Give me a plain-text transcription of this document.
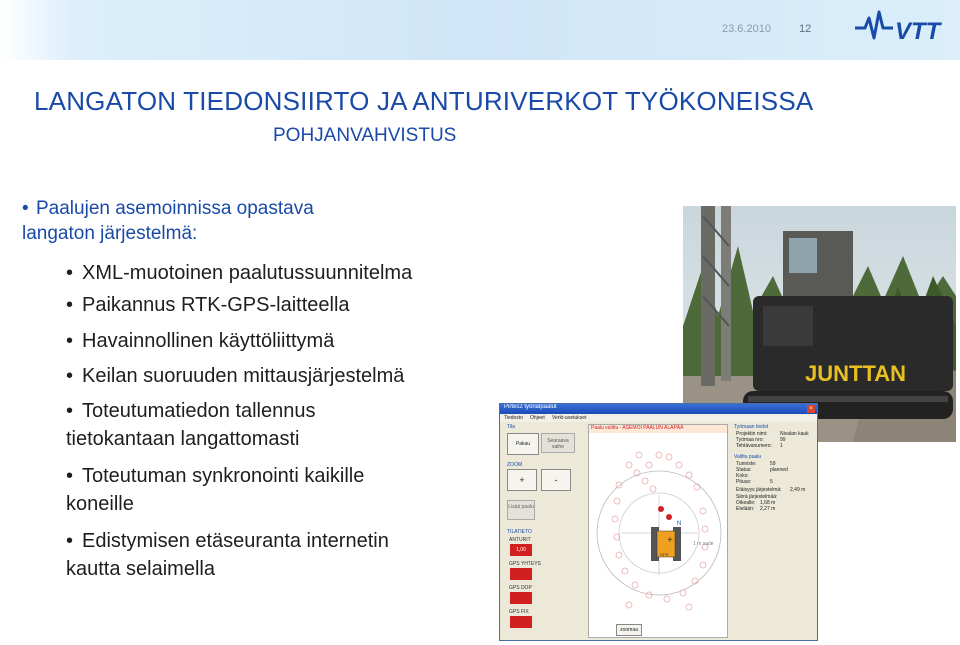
23.6.2010	12	VTT
LANGATON TIEDONSIIRTO JA ANTURIVERKOT TYÖKONEISSA
POHJANVAHVISTUS
• Paalujen asemoinnissa opastava
langaton järjestelmä:
• XML-muotoinen paalutussuunnitelma
• Paikannus RTK-GPS-laitteella
• Havainnollinen käyttöliittymä
• Keilan suoruuden mittausjärjestelmä
• Toteutumatiedon tallennus
tietokantaan langattomasti
• Toteutuman synkronointi kaikille
koneille
• Edistymisen etäseuranta internetin
kautta selaimella
JUNTTAN
Pirtes2 työrialpaalut	×
Tiedosto Ohjeet Verkt-asetukset
Tila
Pakau	Seuraava vaihe
ZOOM
+	-
Lisää paalu
TILATIETO
ANTURIT
1,00
GPS YHTEYS
GPS DOP
GPS FIX
Paalu valittu - ASEMOI PAALUN ALAPÄÄ
+
N
GPS
1 m sade
Työmaan tiedot
Projektin nimi:	Nivalan kauk
Työmaa nro:	99
Tehtävanumero: 1
Valittu paalu
Tunniste:	59
Status:	planned
Koko:
Pituus:	5
Etäisyys järjestelmä: 2,49 m
Siirrä järjestelmää:
Oikealle: 1,68 m
Etelään: 2,27 m
zoomaa
